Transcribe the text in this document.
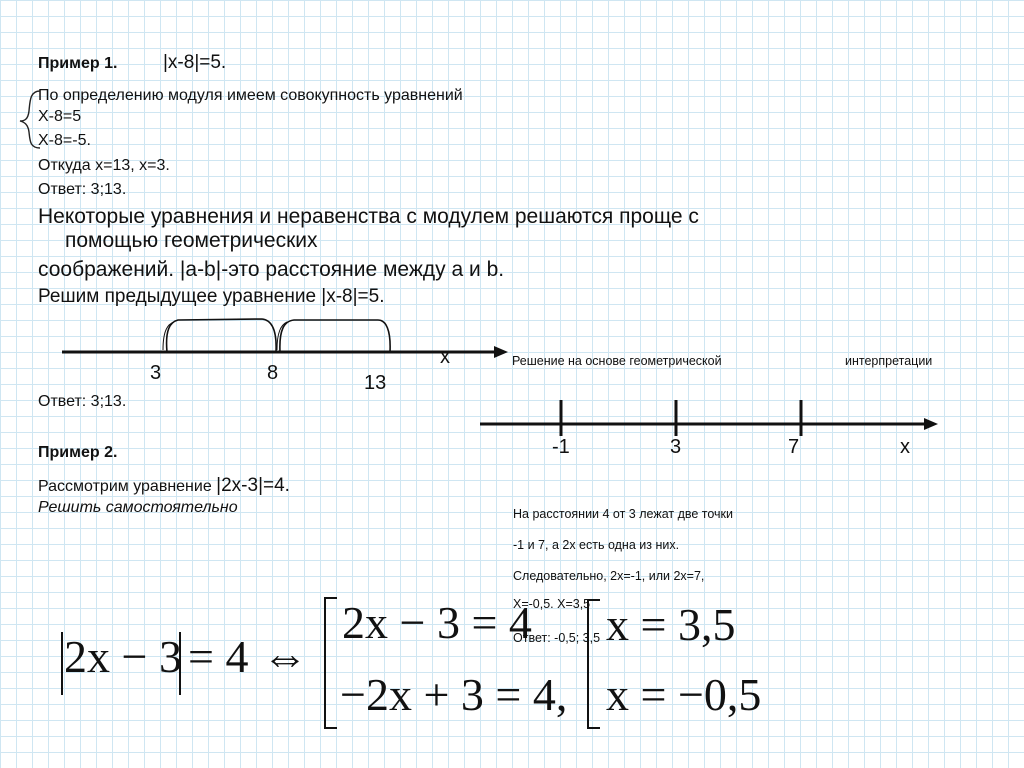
Пример 1. |x-8|=5.
По определению модуля имеем совокупность уравнений
X-8=5
X-8=-5.
Откуда x=13, x=3.
Ответ: 3;13.
Некоторые уравнения и неравенства с модулем решаются проще с
помощью геометрических
соображений. |a-b|-это расстояние между a и b.
Решим предыдущее уравнение |x-8|=5.
3	8	13
x
Ответ: 3;13.
Пример 2.
Рассмотрим уравнение |2x-3|=4.
Решить самостоятельно
Решение на основе геометрической	интерпретации
-1	3	7	x
На расстоянии 4 от 3 лежат две точки
-1 и 7, а 2x есть одна из них.
Следовательно, 2x=-1, или 2x=7,
X=-0,5. X=3,5
Ответ: -0,5; 3,5
2x − 3 = 4 ⇔
2x − 3 = 4
−2x + 3 = 4,
x = 3,5
x = −0,5
